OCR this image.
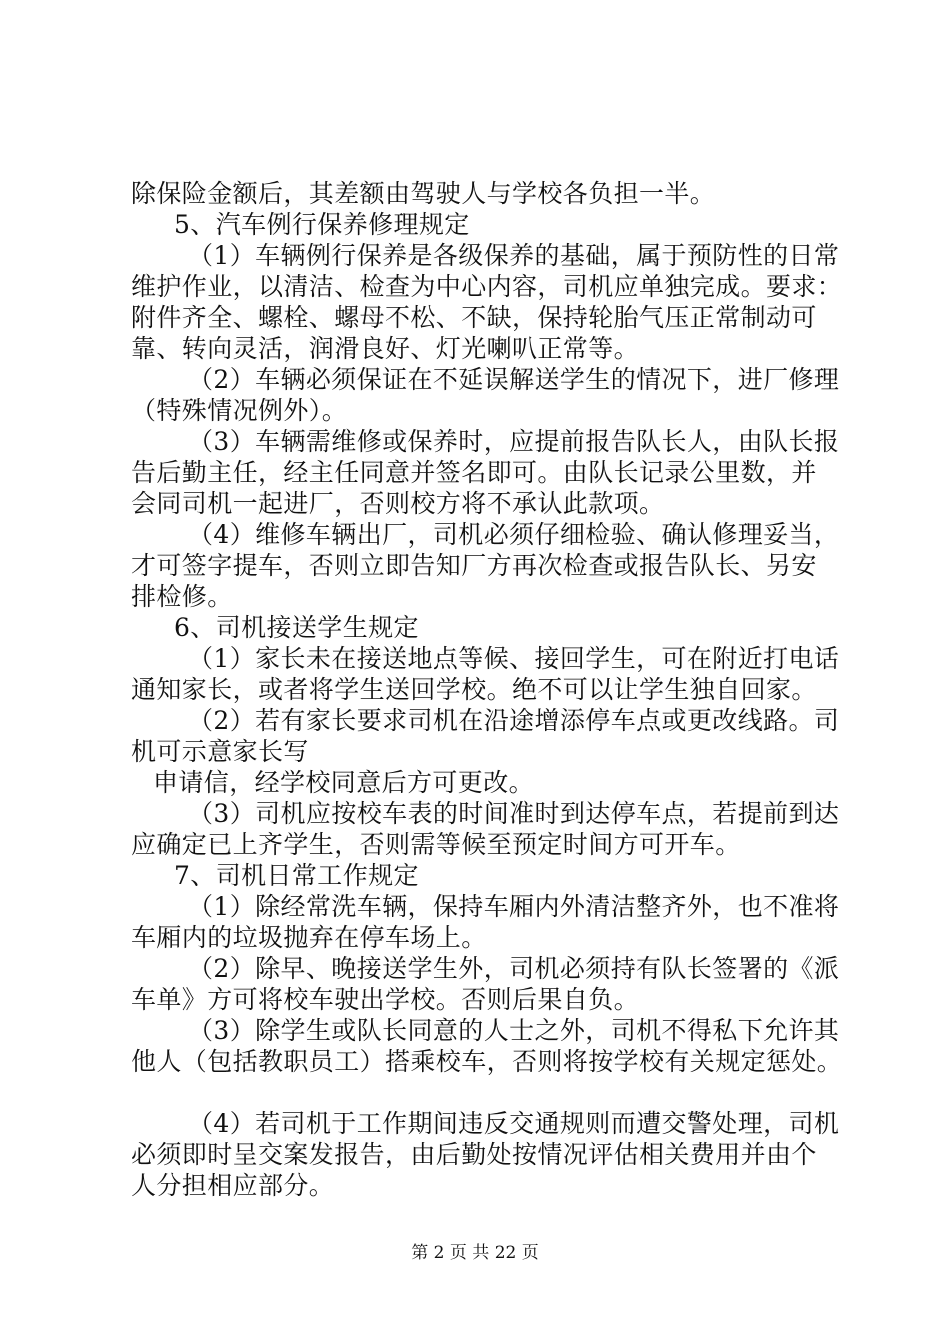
除保险金额后，其差额由驾驶人与学校各负担一半。
5、汽车例行保养修理规定
（1）车辆例行保养是各级保养的基础，属于预防性的日常
维护作业，以清洁、检查为中心内容，司机应单独完成。要求：
附件齐全、螺栓、螺母不松、不缺，保持轮胎气压正常制动可
靠、转向灵活，润滑良好、灯光喇叭正常等。
（2）车辆必须保证在不延误解送学生的情况下，进厂修理
（特殊情况例外）。
（3）车辆需维修或保养时，应提前报告队长人，由队长报
告后勤主任，经主任同意并签名即可。由队长记录公里数，并
会同司机一起进厂，否则校方将不承认此款项。
（4）维修车辆出厂，司机必须仔细检验、确认修理妥当，
才可签字提车，否则立即告知厂方再次检查或报告队长、另安
排检修。
6、司机接送学生规定
（1）家长未在接送地点等候、接回学生，可在附近打电话
通知家长，或者将学生送回学校。绝不可以让学生独自回家。
（2）若有家长要求司机在沿途增添停车点或更改线路。司
机可示意家长写
申请信，经学校同意后方可更改。
（3）司机应按校车表的时间准时到达停车点，若提前到达
应确定已上齐学生，否则需等候至预定时间方可开车。
7、司机日常工作规定
（1）除经常洗车辆，保持车厢内外清洁整齐外，也不准将
车厢内的垃圾抛弃在停车场上。
（2）除早、晚接送学生外，司机必须持有队长签署的《派
车单》方可将校车驶出学校。否则后果自负。
（3）除学生或队长同意的人士之外，司机不得私下允许其
他人（包括教职员工）搭乘校车，否则将按学校有关规定惩处。
（4）若司机于工作期间违反交通规则而遭交警处理，司机
必须即时呈交案发报告，由后勤处按情况评估相关费用并由个
人分担相应部分。
第 2 页 共 22 页
